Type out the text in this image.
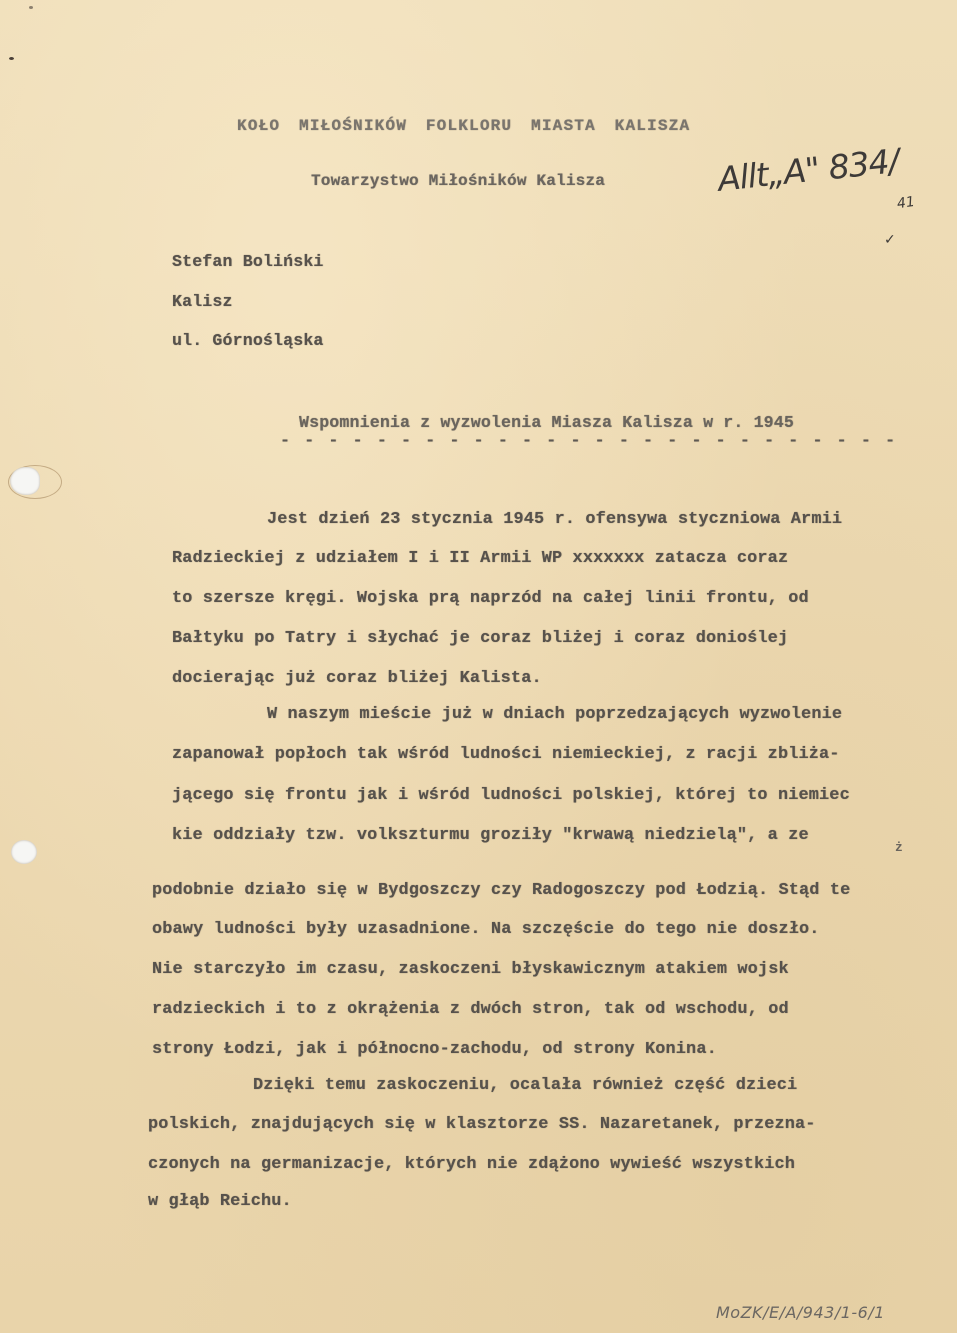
KOŁO MIŁOŚNIKÓW FOLKLORU MIASTA KALISZA
Towarzystwo Miłośników Kalisza	Allt„A" 834/
41
✓
Stefan Boliński
Kalisz
ul. Górnośląska
Wspomnienia z wyzwolenia Miasza Kalisza w r. 1945
- - - - - - - - - - - - - - - - - - - - - - - - - -
Jest dzień 23 stycznia 1945 r. ofensywa styczniowa Armii
Radzieckiej z udziałem I i II Armii WP xxxxxxx zatacza coraz
to szersze kręgi. Wojska prą naprzód na całej linii frontu, od
Bałtyku po Tatry i słychać je coraz bliżej i coraz donioślej
docierając już coraz bliżej Kalista.
W naszym mieście już w dniach poprzedzających wyzwolenie
zapanował popłoch tak wśród ludności niemieckiej, z racji zbliża-
jącego się frontu jak i wśród ludności polskiej, której to niemiec
kie oddziały tzw. volkszturmu groziły "krwawą niedzielą", a ze
ż
podobnie działo się w Bydgoszczy czy Radogoszczy pod Łodzią. Stąd te
obawy ludności były uzasadnione. Na szczęście do tego nie doszło.
Nie starczyło im czasu, zaskoczeni błyskawicznym atakiem wojsk
radzieckich i to z okrążenia z dwóch stron, tak od wschodu, od
strony Łodzi, jak i północno-zachodu, od strony Konina.
Dzięki temu zaskoczeniu, ocalała również część dzieci
polskich, znajdujących się w klasztorze SS. Nazaretanek, przezna-
czonych na germanizacje, których nie zdążono wywieść wszystkich
w głąb Reichu.
MoZK/E/A/943/1-6/1
